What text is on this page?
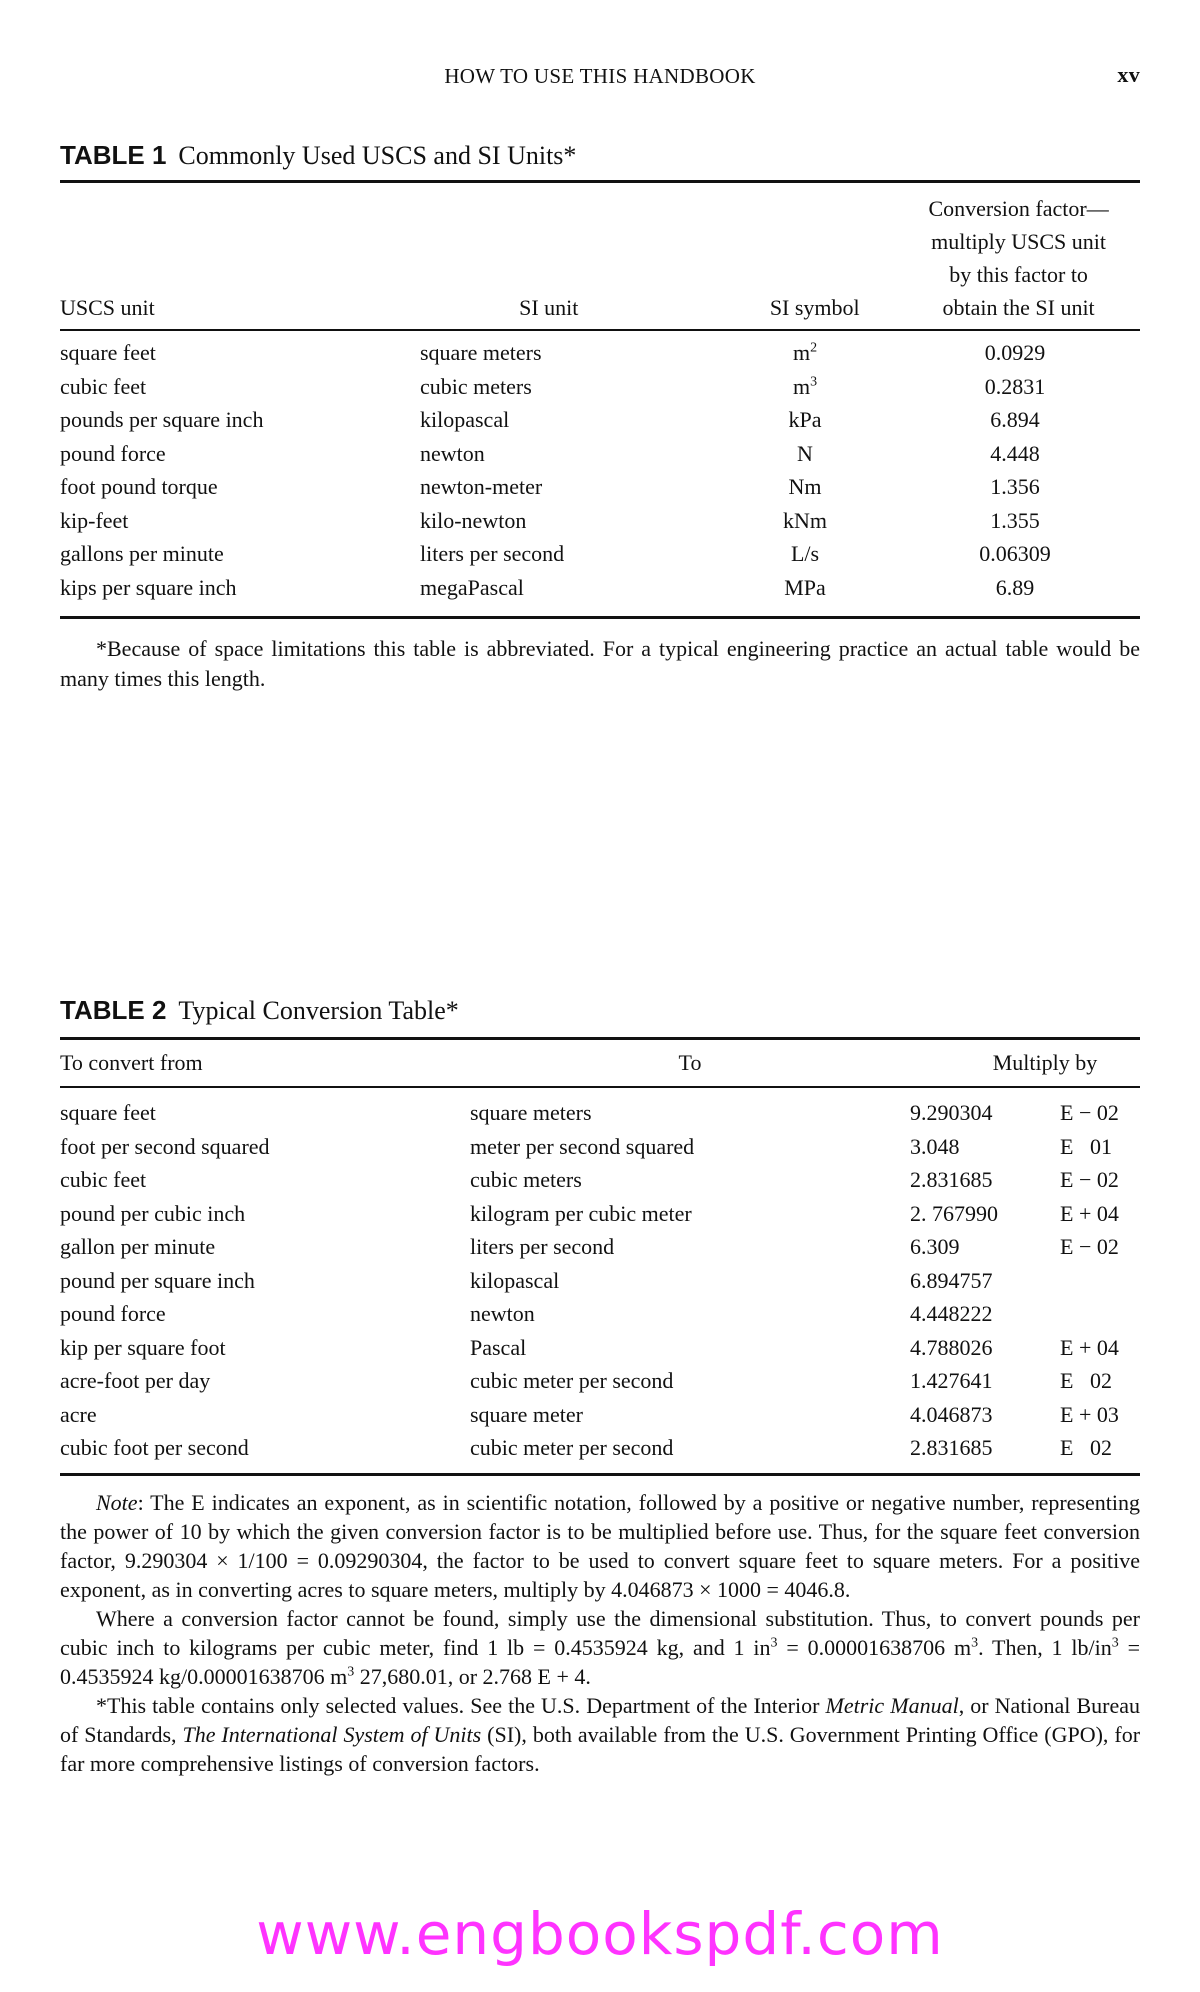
HOW TO USE THIS HANDBOOK	xv
TABLE 1 Commonly Used USCS and SI Units*
USCS unit	SI unit	SI symbol	
Conversion factor—
multiply USCS unit
by this factor to
obtain the SI unit
square feet	square meters	$m^2$	0.0929
cubic feet	cubic meters	$m^3$	0.2831
pounds per square inch	kilopascal	kPa	6.894
pound force	newton	N	4.448
foot pound torque	newton-meter	Nm	1.356
kip-feet	kilo-newton	kNm	1.355
gallons per minute	liters per second	L/s	0.06309
kips per square inch	megaPascal	MPa	6.89

*Because of space limitations this table is abbreviated. For a typical engineering practice an actual table would be many times this length.

TABLE 2 Typical Conversion Table*
To convert from	To	Multiply by
square feet	square meters	9.290304	E − 02
foot per second squared	meter per second squared	3.048	E   01
cubic feet	cubic meters	2.831685	E − 02
pound per cubic inch	kilogram per cubic meter	2. 767990	E + 04
gallon per minute	liters per second	6.309	E − 02
pound per square inch	kilopascal	6.894757	
pound force	newton	4.448222	
kip per square foot	Pascal	4.788026	E + 04
acre-foot per day	cubic meter per second	1.427641	E   02
acre	square meter	4.046873	E + 03
cubic foot per second	cubic meter per second	2.831685	E   02

Note: The E indicates an exponent, as in scientific notation, followed by a positive or negative number, representing the power of 10 by which the given conversion factor is to be multiplied before use. Thus, for the square feet conversion factor, 9.290304 × 1/100 = 0.09290304, the factor to be used to convert square feet to square meters. For a positive exponent, as in converting acres to square meters, multiply by 4.046873 × 1000 = 4046.8.

Where a conversion factor cannot be found, simply use the dimensional substitution. Thus, to convert pounds per cubic inch to kilograms per cubic meter, find 1 lb = 0.4535924 kg, and 1 $in^3 = 0.00001638706$ $m^3$. Then, 1 $lb/in^3 = 0.4535924$ kg/0.00001638706 $m^3$ 27,680.01, or 2.768 E + 4.

*This table contains only selected values. See the U.S. Department of the Interior Metric Manual, or National Bureau of Standards, The International System of Units (SI), both available from the U.S. Government Printing Office (GPO), for far more comprehensive listings of conversion factors.

www.engbookspdf.com
